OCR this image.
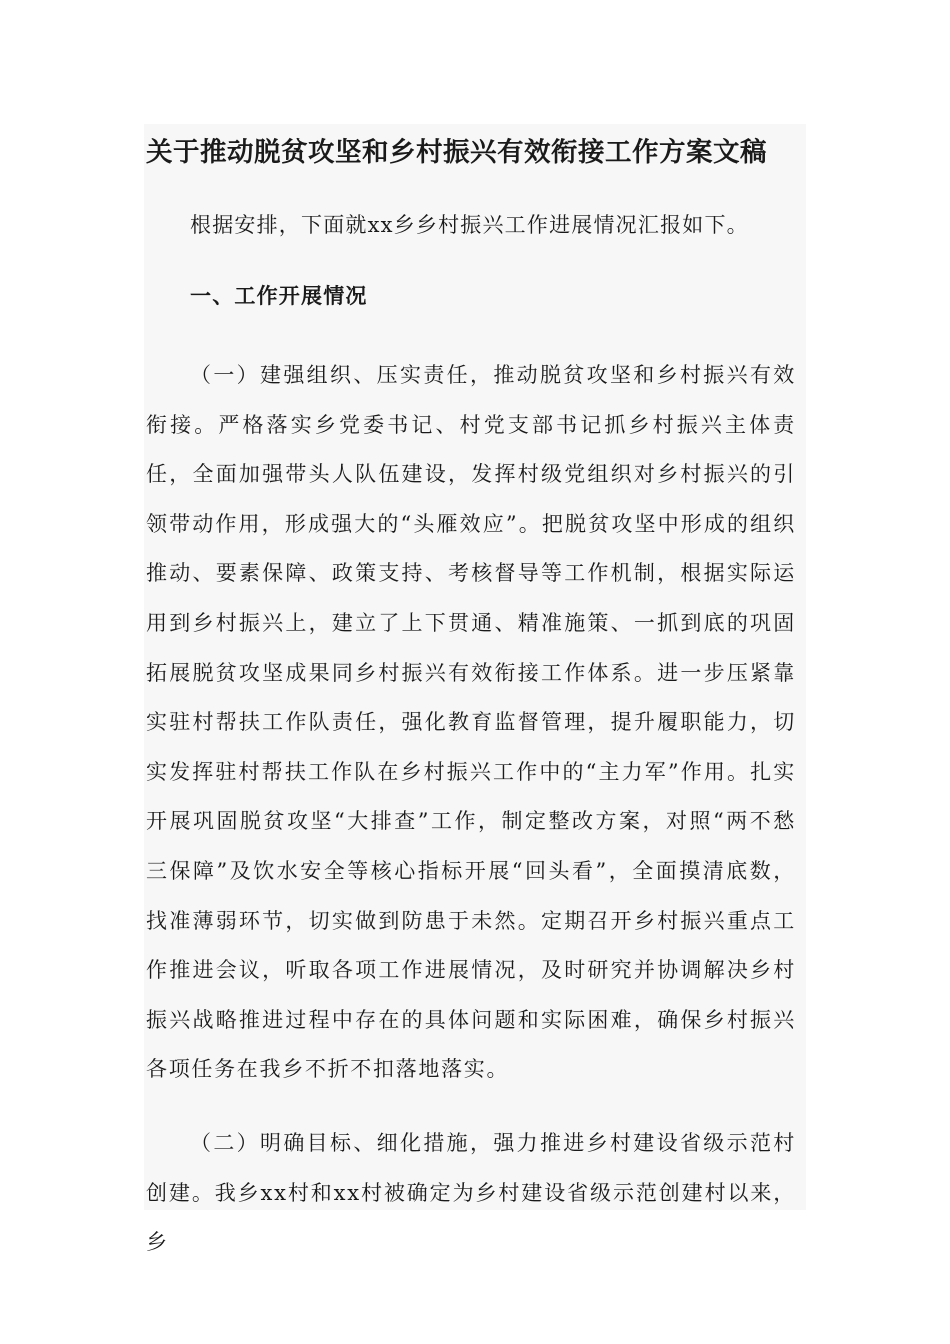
关于推动脱贫攻坚和乡村振兴有效衔接工作方案文稿

根据安排，下面就xx乡乡村振兴工作进展情况汇报如下。

一、工作开展情况

（一）建强组织、压实责任，推动脱贫攻坚和乡村振兴有效衔接。严格落实乡党委书记、村党支部书记抓乡村振兴主体责任，全面加强带头人队伍建设，发挥村级党组织对乡村振兴的引领带动作用，形成强大的“头雁效应”。把脱贫攻坚中形成的组织推动、要素保障、政策支持、考核督导等工作机制，根据实际运用到乡村振兴上，建立了上下贯通、精准施策、一抓到底的巩固拓展脱贫攻坚成果同乡村振兴有效衔接工作体系。进一步压紧靠实驻村帮扶工作队责任，强化教育监督管理，提升履职能力，切实发挥驻村帮扶工作队在乡村振兴工作中的“主力军”作用。扎实开展巩固脱贫攻坚“大排查”工作，制定整改方案，对照“两不愁三保障”及饮水安全等核心指标开展“回头看”，全面摸清底数，找准薄弱环节，切实做到防患于未然。定期召开乡村振兴重点工作推进会议，听取各项工作进展情况，及时研究并协调解决乡村振兴战略推进过程中存在的具体问题和实际困难，确保乡村振兴各项任务在我乡不折不扣落地落实。

（二）明确目标、细化措施，强力推进乡村建设省级示范村创建。我乡xx村和xx村被确定为乡村建设省级示范创建村以来，乡
